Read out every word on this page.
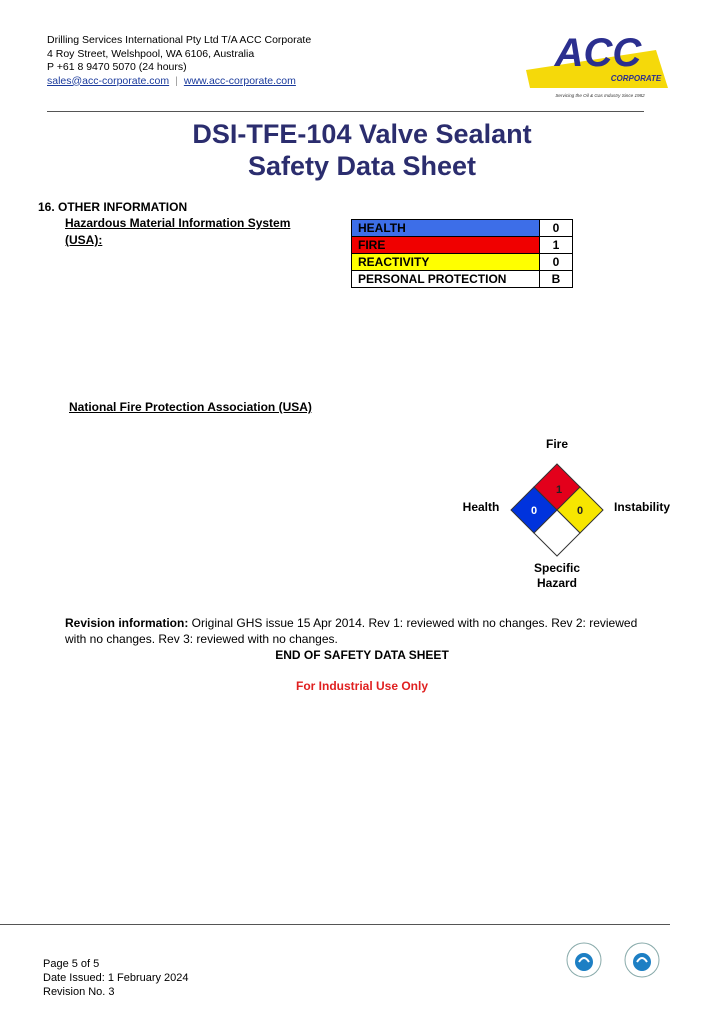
Drilling Services International Pty Ltd T/A ACC Corporate
4 Roy Street, Welshpool, WA 6106, Australia
P +61 8 9470 5070 (24 hours)
sales@acc-corporate.com | www.acc-corporate.com
ACC
CORPORATE
Servicing the Oil & Gas Industry Since 1982
DSI-TFE-104 Valve Sealant
Safety Data Sheet
16. OTHER INFORMATION
Hazardous Material Information System (USA):
HEALTH	0
FIRE	1
REACTIVITY	0
PERSONAL PROTECTION	B
National Fire Protection Association (USA)
Fire
Health	Instability
Specific
Hazard
1
0	0
Revision information: Original GHS issue 15 Apr 2014. Rev 1: reviewed with no changes. Rev 2: reviewed with no changes. Rev 3: reviewed with no changes.
END OF SAFETY DATA SHEET
For Industrial Use Only
Page 5 of 5
Date Issued: 1 February 2024
Revision No. 3
